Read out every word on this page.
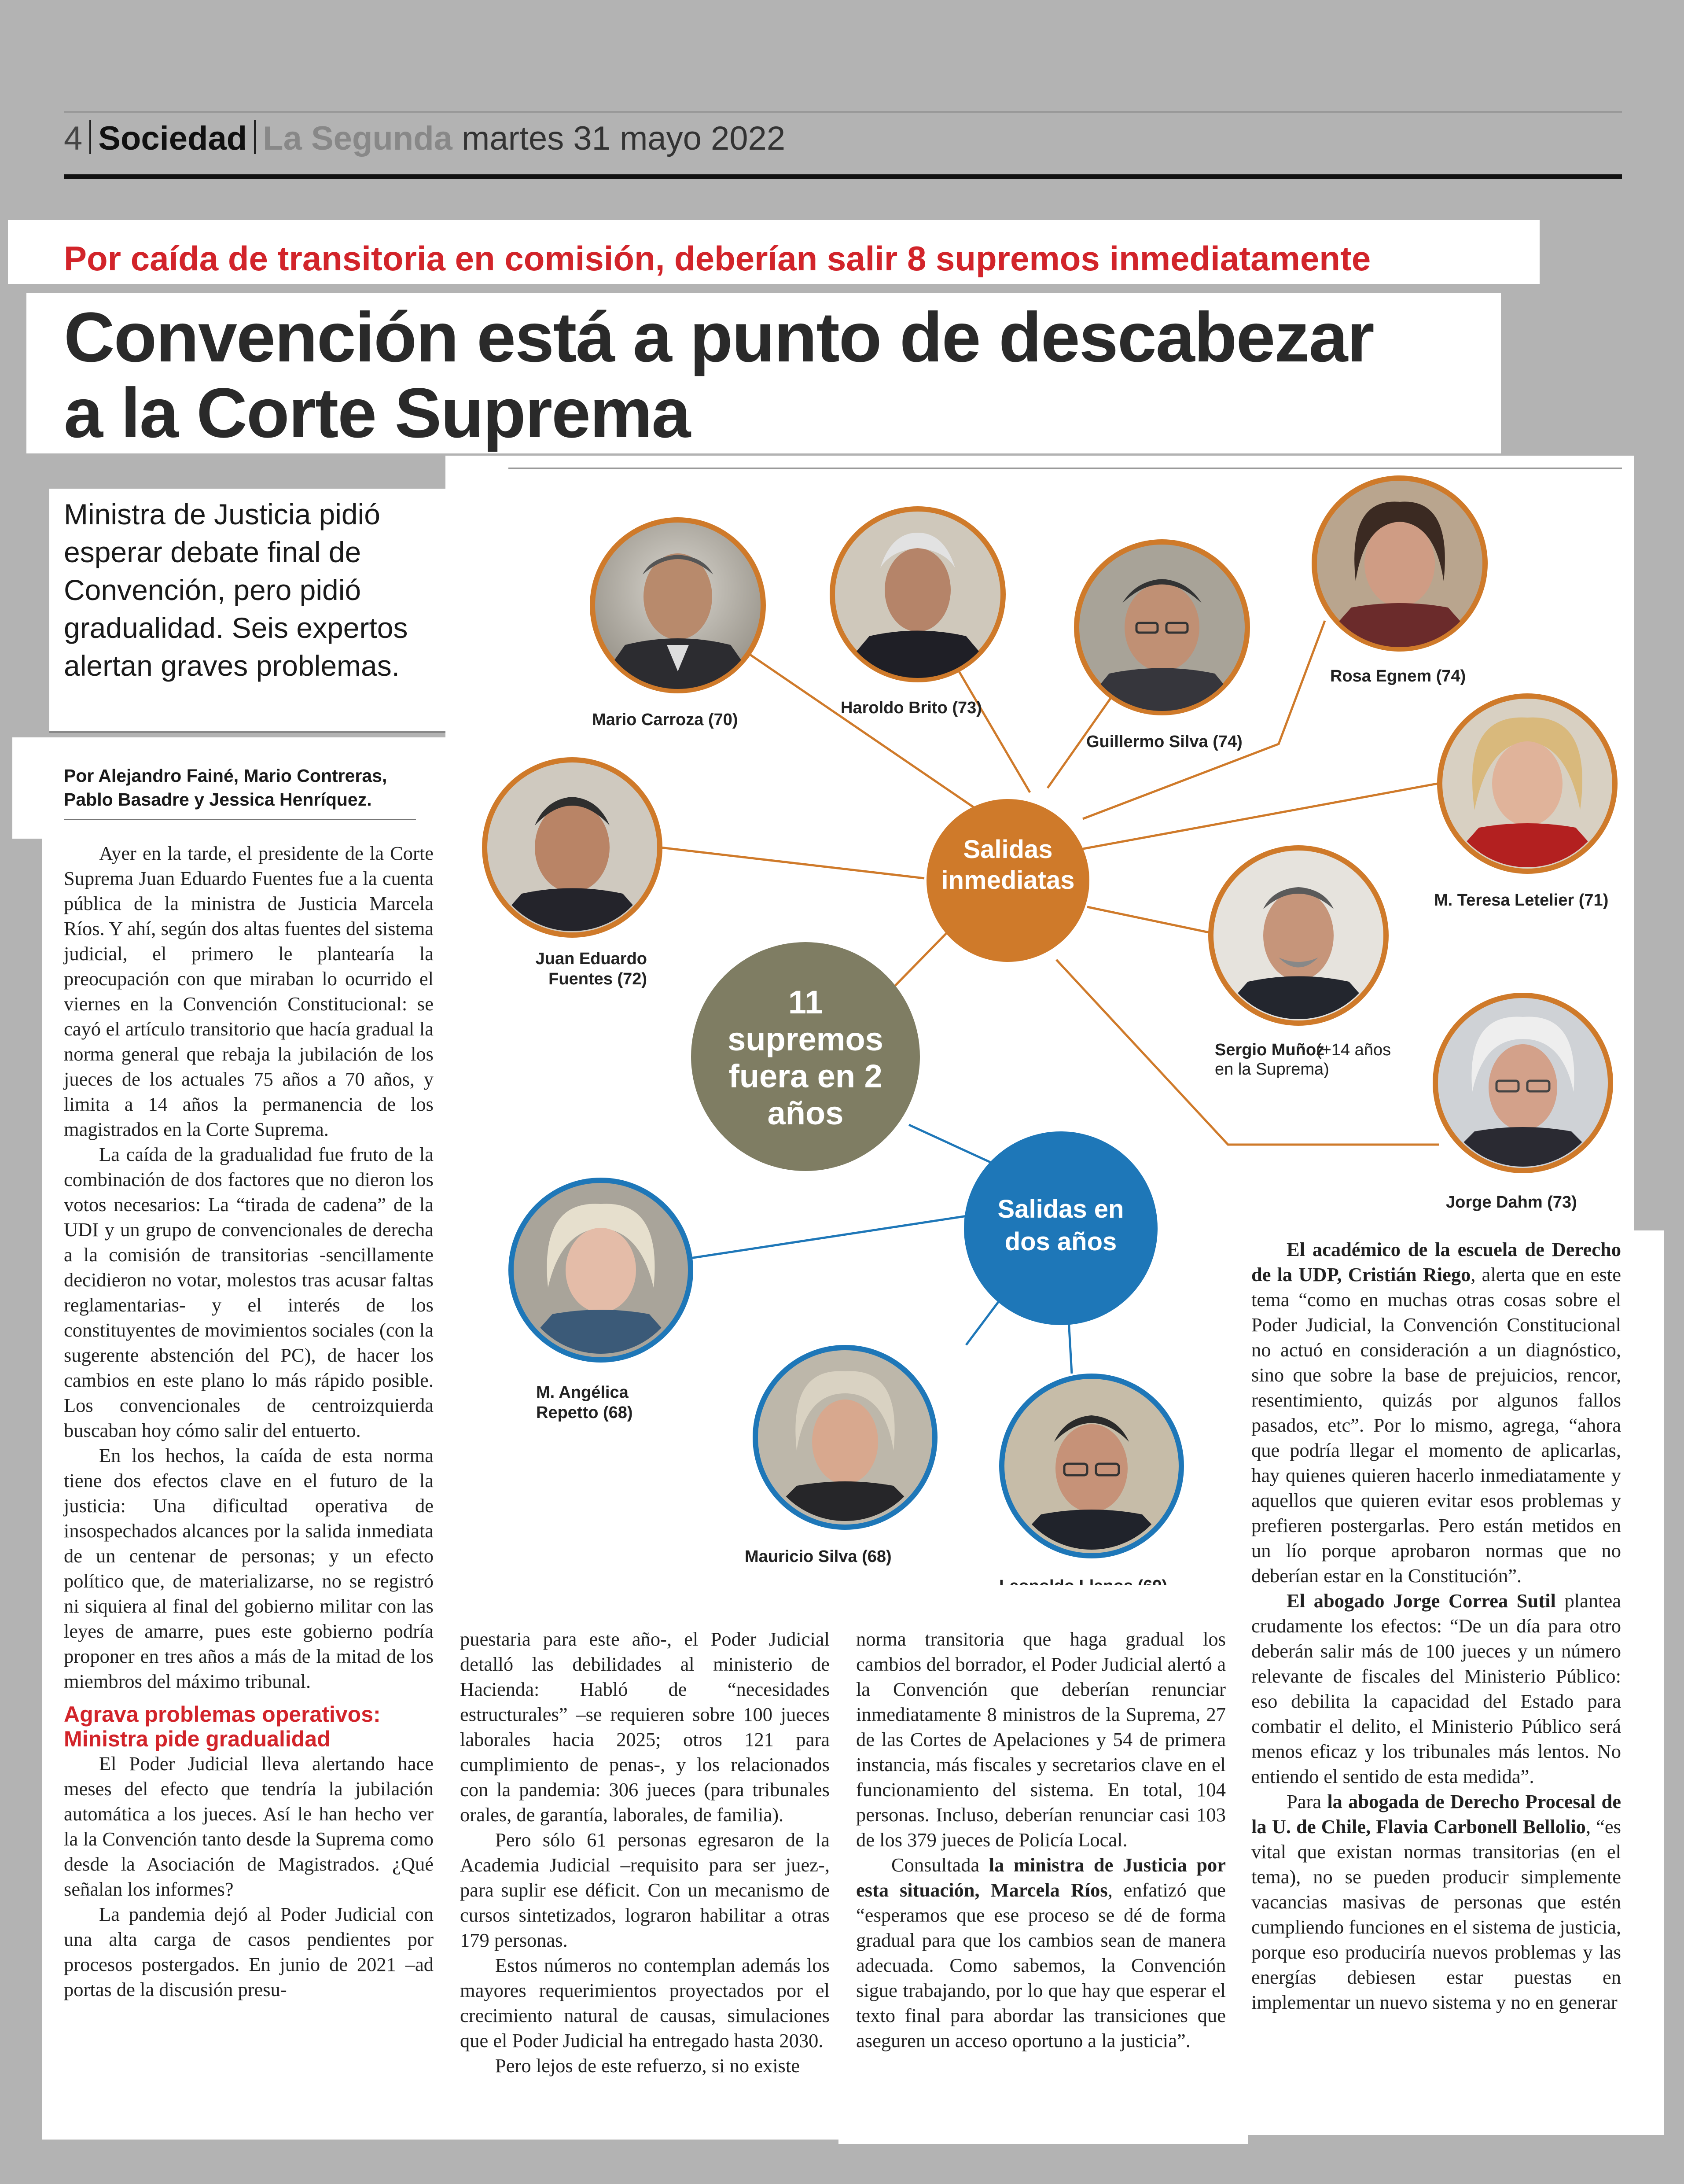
4 Sociedad La Segunda martes 31 mayo 2022
Por caída de transitoria en comisión, deberían salir 8 supremos inmediatamente
Convención está a punto de descabezar
a la Corte Suprema
Ministra de Justicia pidió esperar debate final de Convención, pero pidió gradualidad. Seis expertos alertan graves problemas.
Por Alejandro Fainé, Mario Contreras,
Pablo Basadre y Jessica Henríquez.
Salidas inmediatas
11 supremos fuera en 2 años
Salidas en dos años
Mario Carroza (70)
Haroldo Brito (73)
Guillermo Silva (74)
Rosa Egnem (74)
M. Teresa Letelier (71)
Sergio Muñoz
(+14 años en la Suprema)
Jorge Dahm (73)
Juan Eduardo Fuentes (72)
M. Angélica Repetto (68)
Mauricio Silva (68)

Ayer en la tarde, el presidente de la Corte Suprema Juan Eduardo Fuentes fue a la cuenta pública de la ministra de Justicia Marcela Ríos. Y ahí, según dos altas fuentes del sistema judicial, el primero le plantearía la preocupación con que miraban lo ocurrido el viernes en la Convención Constitucional: se cayó el artículo transitorio que hacía gradual la norma general que rebaja la jubilación de los jueces de los actuales 75 años a 70 años, y limita a 14 años la permanencia de los magistrados en la Corte Suprema.

La caída de la gradualidad fue fruto de la combinación de dos factores que no dieron los votos necesarios: La “tirada de cadena” de la UDI y un grupo de convencionales de derecha a la comisión de transitorias -sencillamente decidieron no votar, molestos tras acusar faltas reglamentarias- y el interés de los constituyentes de movimientos sociales (con la sugerente abstención del PC), de hacer los cambios en este plano lo más rápido posible. Los convencionales de centroizquierda buscaban hoy cómo salir del entuerto.

En los hechos, la caída de esta norma tiene dos efectos clave en el futuro de la justicia: Una dificultad operativa de insospechados alcances por la salida inmediata de un centenar de personas; y un efecto político que, de materializarse, no se registró ni siquiera al final del gobierno militar con las leyes de amarre, pues este gobierno podría proponer en tres años a más de la mitad de los miembros del máximo tribunal.

Agrava problemas operativos: Ministra pide gradualidad

El Poder Judicial lleva alertando hace meses del efecto que tendría la jubilación automática a los jueces. Así le han hecho ver la la Convención tanto desde la Suprema como desde la Asociación de Magistrados. ¿Qué señalan los informes?

La pandemia dejó al Poder Judicial con una alta carga de casos pendientes por procesos postergados. En junio de 2021 –ad portas de la discusión presu-

puestaria para este año-, el Poder Judicial detalló las debilidades al ministerio de Hacienda: Habló de “necesidades estructurales” –se requieren sobre 100 jueces laborales hacia 2025; otros 121 para cumplimiento de penas-, y los relacionados con la pandemia: 306 jueces (para tribunales orales, de garantía, laborales, de familia).

Pero sólo 61 personas egresaron de la Academia Judicial –requisito para ser juez-, para suplir ese déficit. Con un mecanismo de cursos sintetizados, lograron habilitar a otras 179 personas.

Estos números no contemplan además los mayores requerimientos proyectados por el crecimiento natural de causas, simulaciones que el Poder Judicial ha entregado hasta 2030.

Pero lejos de este refuerzo, si no existe

norma transitoria que haga gradual los cambios del borrador, el Poder Judicial alertó a la Convención que deberían renunciar inmediatamente 8 ministros de la Suprema, 27 de las Cortes de Apelaciones y 54 de primera instancia, más fiscales y secretarios clave en el funcionamiento del sistema. En total, 104 personas. Incluso, deberían renunciar casi 103 de los 379 jueces de Policía Local.

Consultada la ministra de Justicia por esta situación, Marcela Ríos, enfatizó que “esperamos que ese proceso se dé de forma gradual para que los cambios sean de manera adecuada. Como sabemos, la Convención sigue trabajando, por lo que hay que esperar el texto final para abordar las transiciones que aseguren un acceso oportuno a la justicia”.

El académico de la escuela de Derecho de la UDP, Cristián Riego, alerta que en este tema “como en muchas otras cosas sobre el Poder Judicial, la Convención Constitucional no actuó en consideración a un diagnóstico, sino que sobre la base de prejuicios, rencor, resentimiento, quizás por algunos fallos pasados, etc”. Por lo mismo, agrega, “ahora que podría llegar el momento de aplicarlas, hay quienes quieren hacerlo inmediatamente y aquellos que quieren evitar esos problemas y prefieren postergarlas. Pero están metidos en un lío porque aprobaron normas que no deberían estar en la Constitución”.

El abogado Jorge Correa Sutil plantea crudamente los efectos: “De un día para otro deberán salir más de 100 jueces y un número relevante de fiscales del Ministerio Público: eso debilita la capacidad del Estado para combatir el delito, el Ministerio Público será menos eficaz y los tribunales más lentos. No entiendo el sentido de esta medida”.

Para la abogada de Derecho Procesal de la U. de Chile, Flavia Carbonell Bellolio, “es vital que existan normas transitorias (en el tema), no se pueden producir simplemente vacancias masivas de personas que estén cumpliendo funciones en el sistema de justicia, porque eso produciría nuevos problemas y las energías debiesen estar puestas en implementar un nuevo sistema y no en generar
